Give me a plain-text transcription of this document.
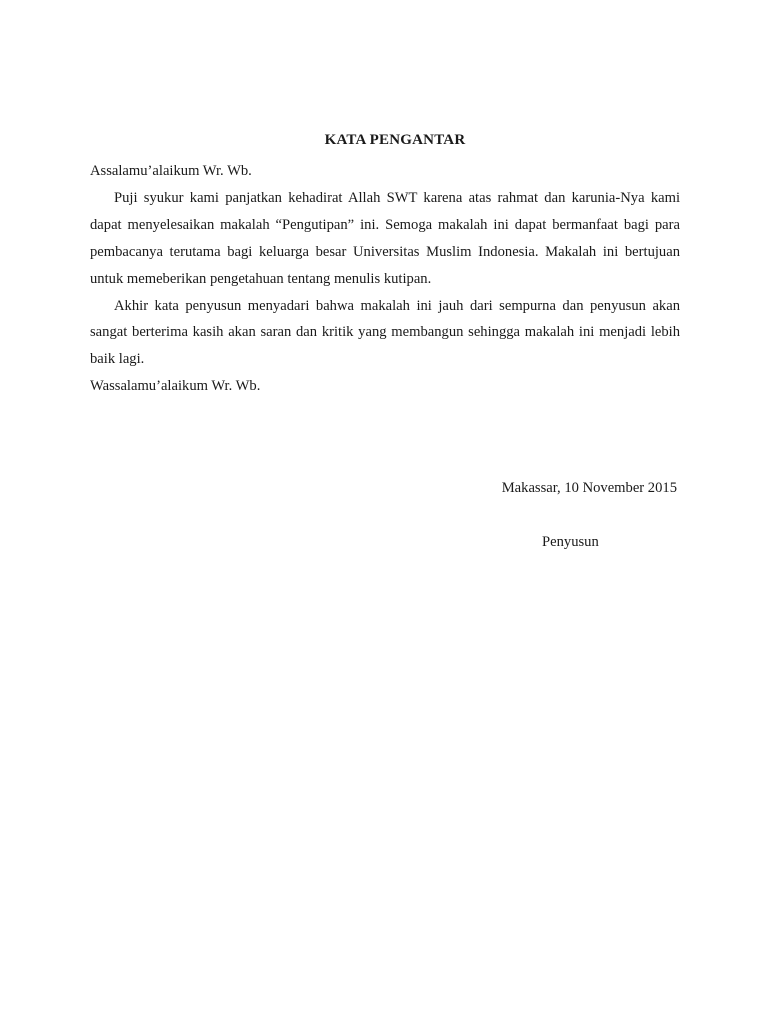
KATA PENGANTAR

Assalamu’alaikum Wr. Wb.

Puji syukur kami panjatkan kehadirat Allah SWT karena atas rahmat dan karunia-Nya kami dapat menyelesaikan makalah “Pengutipan” ini. Semoga makalah ini dapat bermanfaat bagi para pembacanya terutama bagi keluarga besar Universitas Muslim Indonesia. Makalah ini bertujuan untuk memeberikan pengetahuan tentang menulis kutipan.

Akhir kata penyusun menyadari bahwa makalah ini jauh dari sempurna dan penyusun akan sangat berterima kasih akan saran dan kritik yang membangun sehingga makalah ini menjadi lebih baik lagi.

Wassalamu’alaikum Wr. Wb.

Makassar, 10 November 2015
Penyusun
